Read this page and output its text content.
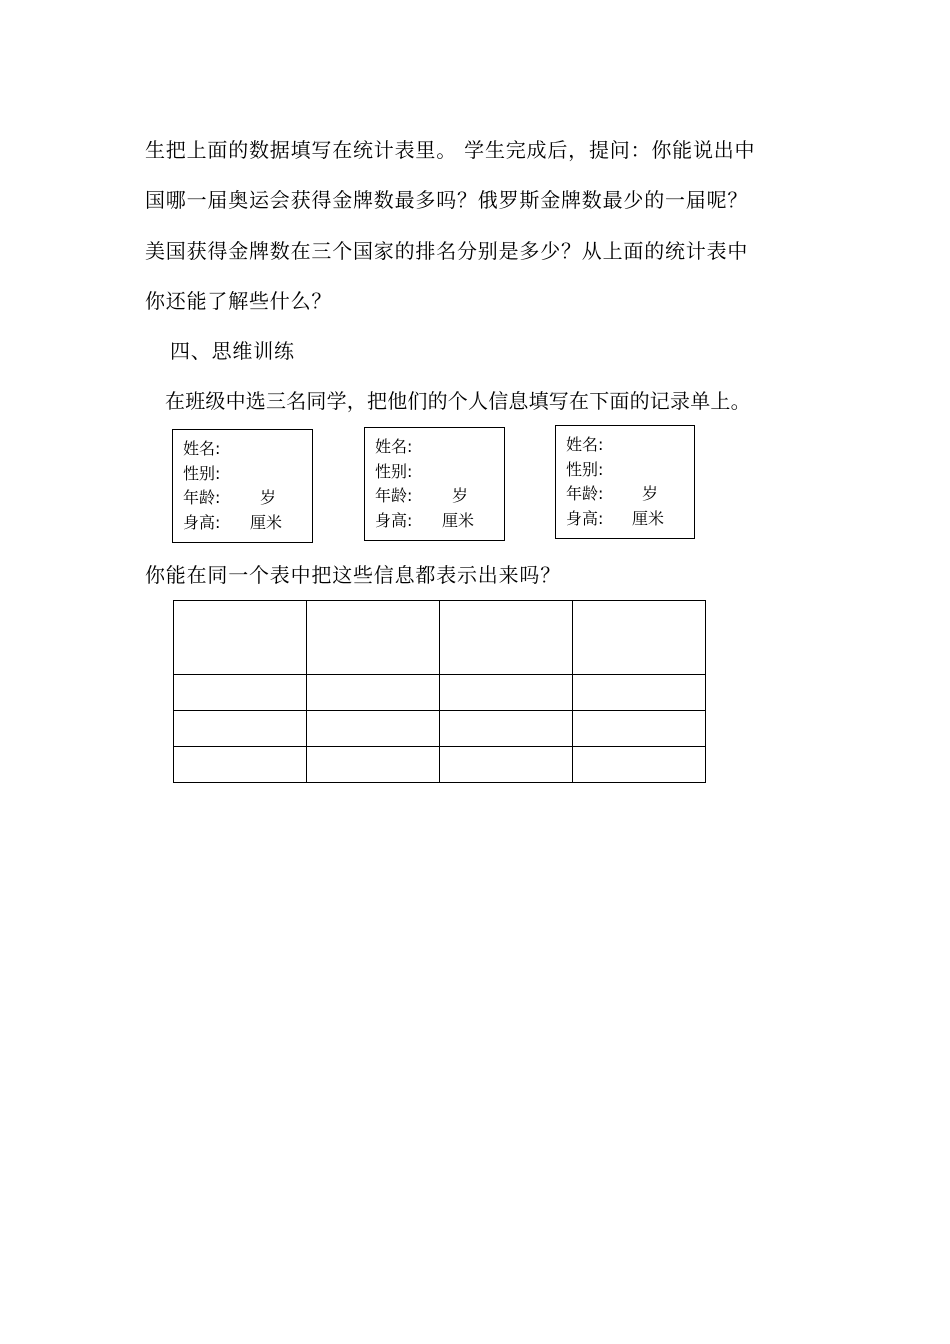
生把上面的数据填写在统计表里。 学生完成后，提问：你能说出中
国哪一届奥运会获得金牌数最多吗？俄罗斯金牌数最少的一届呢？
美国获得金牌数在三个国家的排名分别是多少？从上面的统计表中
你还能了解些什么？
四、思维训练
在班级中选三名同学，把他们的个人信息填写在下面的记录单上。
姓名:
性别:
年龄: 岁
身高: 厘米
姓名:
性别:
年龄: 岁
身高: 厘米
姓名:
性别:
年龄: 岁
身高: 厘米
你能在同一个表中把这些信息都表示出来吗？
